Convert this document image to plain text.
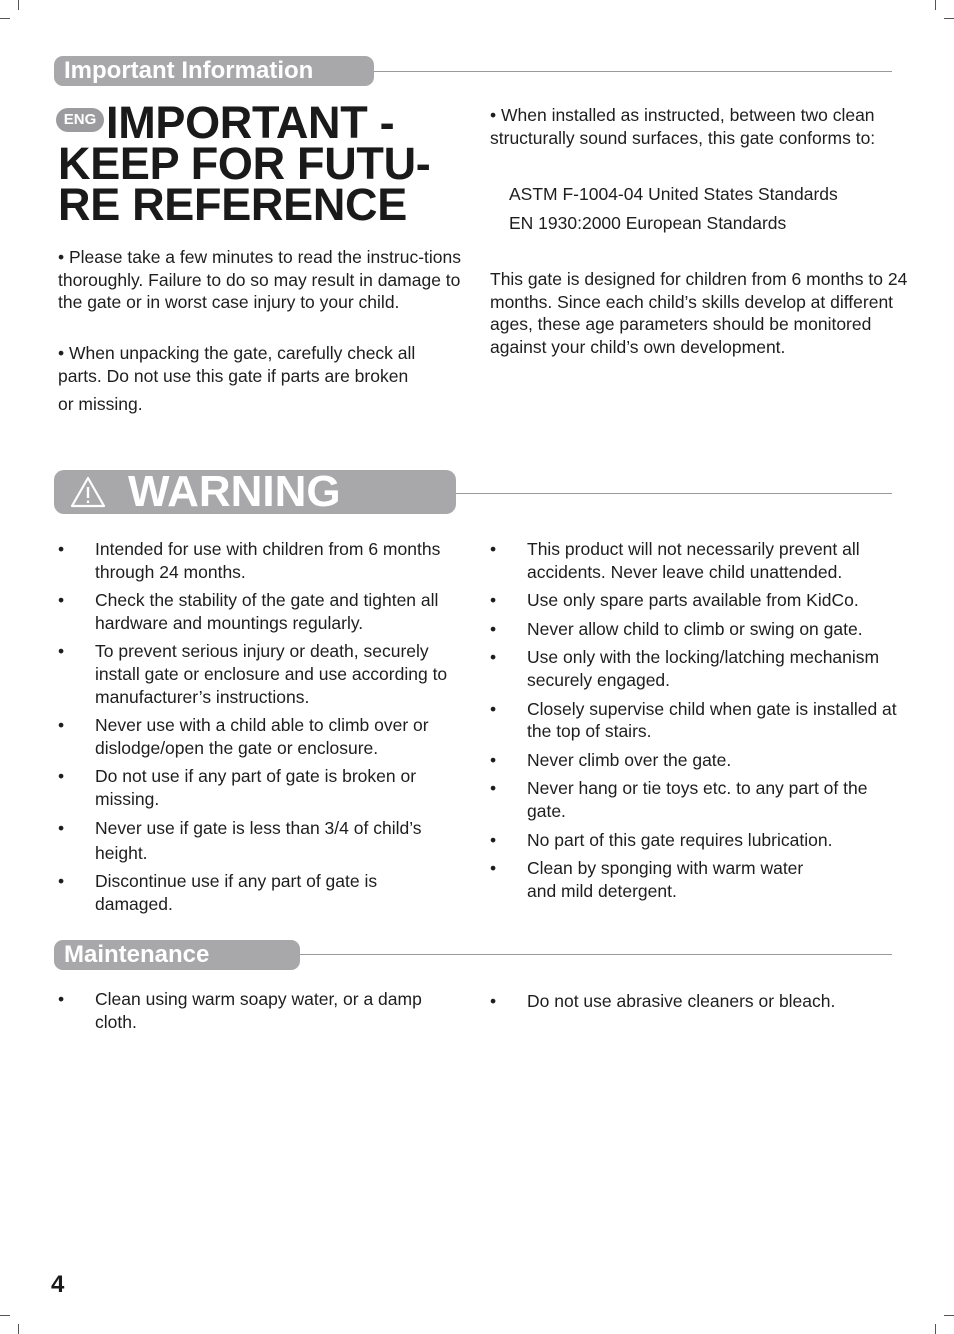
Important Information
ENG IMPORTANT -
KEEP FOR FUTU-
RE REFERENCE

• Please take a few minutes to read the instruc-tions thoroughly. Failure to do so may result in damage to the gate or in worst case injury to your child.

• When unpacking the gate, carefully check all parts. Do not use this gate if parts are broken

or missing.

• When installed as instructed, between two clean structurally sound surfaces, this gate conforms to:

ASTM F-1004-04 United States Standards
EN 1930:2000 European Standards

This gate is designed for children from 6 months to 24 months. Since each child’s skills develop at different ages, these age parameters should be monitored against your child’s own development.

WARNING
• Intended for use with children from 6 months through 24 months.
• Check the stability of the gate and tighten all hardware and mountings regularly.
• To prevent serious injury or death, securely install gate or enclosure and use according to manufacturer’s instructions.
• Never use with a child able to climb over or dislodge/open the gate or enclosure.
• Do not use if any part of gate is broken or missing.
• Never use if gate is less than 3/4 of child’s
height.
• Discontinue use if any part of gate is damaged.
• This product will not necessarily prevent all accidents. Never leave child unattended.
• Use only spare parts available from KidCo.
• Never allow child to climb or swing on gate.
• Use only with the locking/latching mechanism securely engaged.
• Closely supervise child when gate is installed at the top of stairs.
• Never climb over the gate.
• Never hang or tie toys etc. to any part of the gate.
• No part of this gate requires lubrication.
• Clean by sponging with warm water and mild detergent.
Maintenance
• Clean using warm soapy water, or a damp cloth.
• Do not use abrasive cleaners or bleach.
4
